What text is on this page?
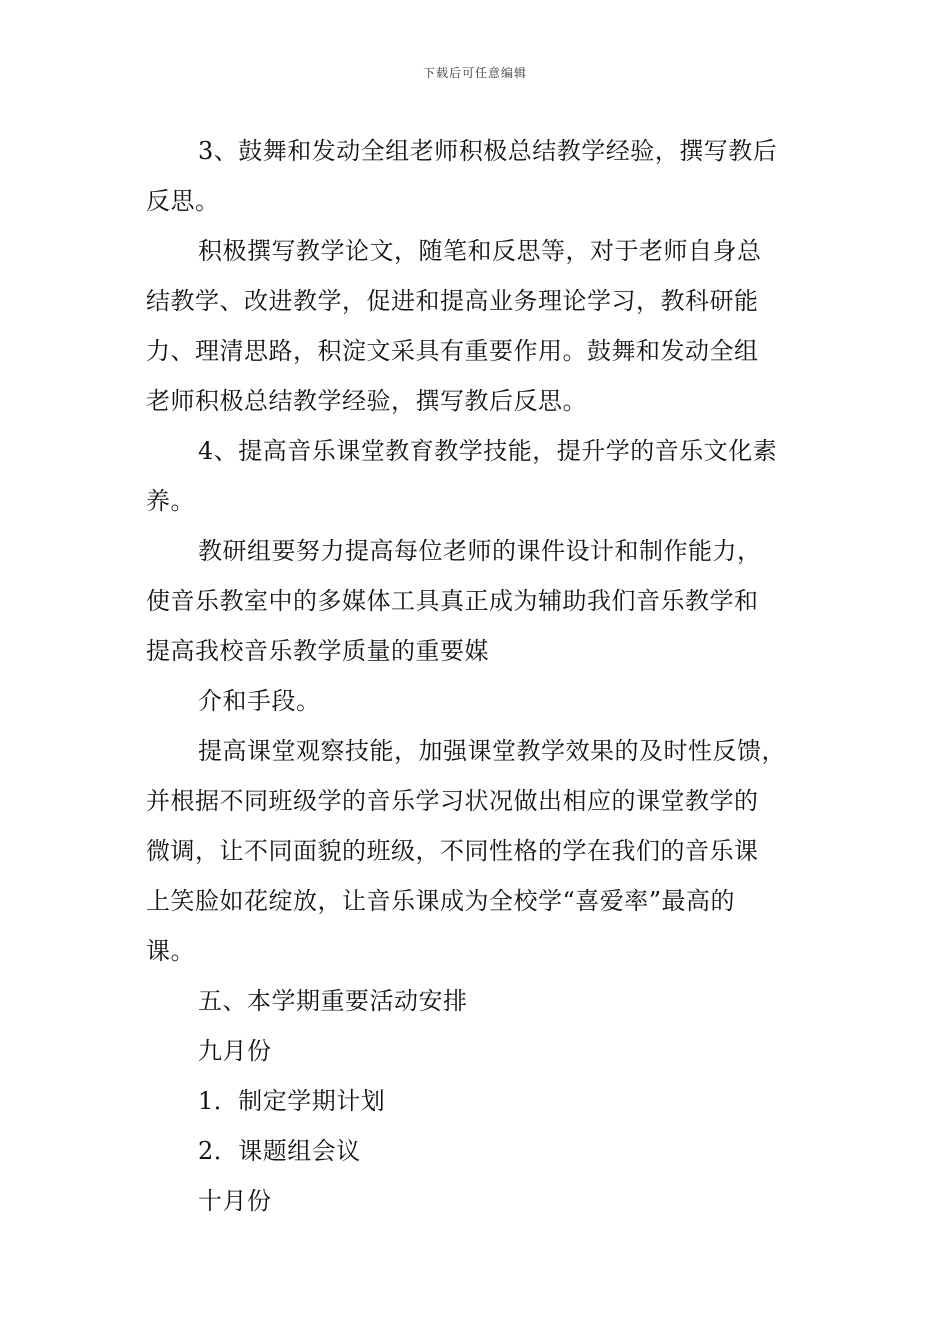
下载后可任意编辑
3、鼓舞和发动全组老师积极总结教学经验，撰写教后
反思。
积极撰写教学论文，随笔和反思等，对于老师自身总
结教学、改进教学，促进和提高业务理论学习，教科研能
力、理清思路，积淀文采具有重要作用。鼓舞和发动全组
老师积极总结教学经验，撰写教后反思。
4、提高音乐课堂教育教学技能，提升学的音乐文化素
养。
教研组要努力提高每位老师的课件设计和制作能力，
使音乐教室中的多媒体工具真正成为辅助我们音乐教学和
提高我校音乐教学质量的重要媒
介和手段。
提高课堂观察技能，加强课堂教学效果的及时性反馈，
并根据不同班级学的音乐学习状况做出相应的课堂教学的
微调，让不同面貌的班级，不同性格的学在我们的音乐课
上笑脸如花绽放，让音乐课成为全校学“喜爱率”最高的
课。
五、本学期重要活动安排
九月份
1．制定学期计划
2．课题组会议
十月份
